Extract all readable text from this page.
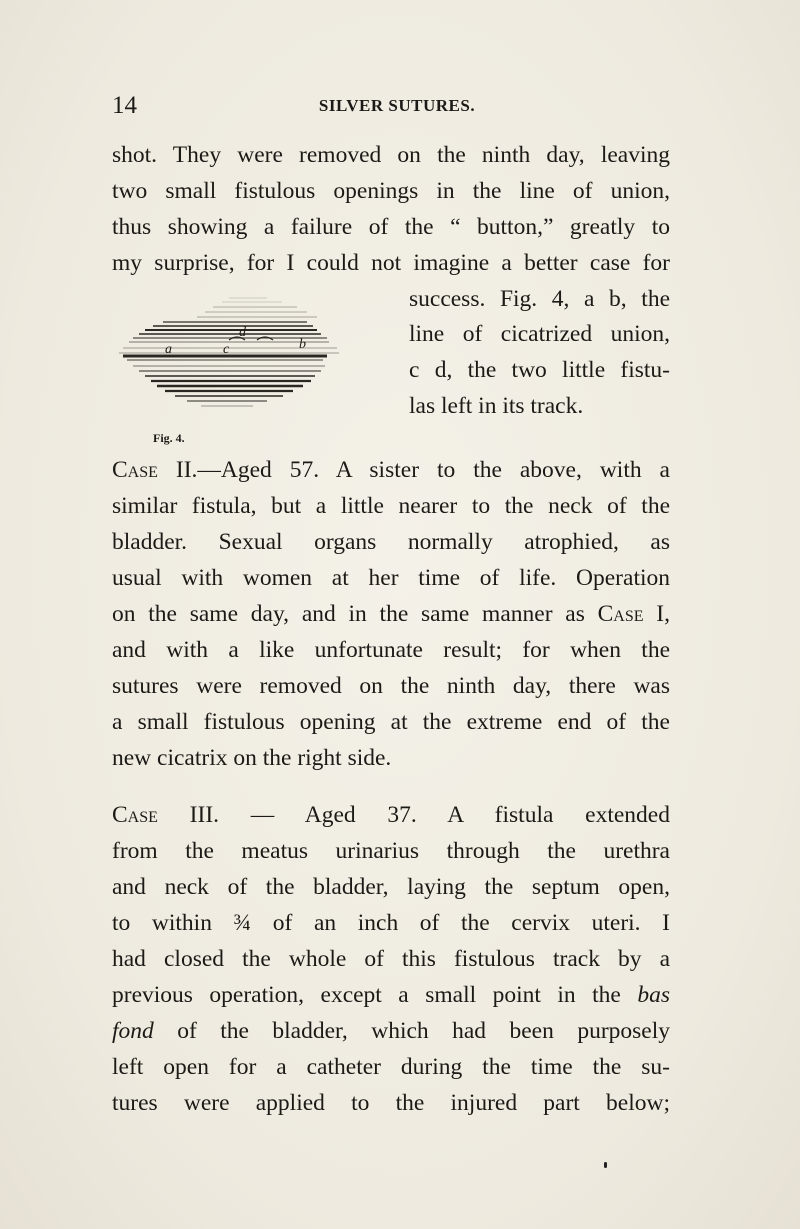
14	SILVER SUTURES.
shot. They were removed on the ninth day, leaving
two small fistulous openings in the line of union,
thus showing a failure of the “ button,” greatly to
my surprise, for I could not imagine a better case for
success. Fig. 4, a b, the
line of cicatrized union,
c d, the two little fistu-
las left in its track.
a	b
c
d
Fig. 4.
Case II.—Aged 57. A sister to the above, with a
similar fistula, but a little nearer to the neck of the
bladder. Sexual organs normally atrophied, as
usual with women at her time of life. Operation
on the same day, and in the same manner as Case I,
and with a like unfortunate result; for when the
sutures were removed on the ninth day, there was
a small fistulous opening at the extreme end of the
new cicatrix on the right side.
Case III. — Aged 37. A fistula extended
from the meatus urinarius through the urethra
and neck of the bladder, laying the septum open,
to within ¾ of an inch of the cervix uteri. I
had closed the whole of this fistulous track by a
previous operation, except a small point in the bas
fond of the bladder, which had been purposely
left open for a catheter during the time the su-
tures were applied to the injured part below;
